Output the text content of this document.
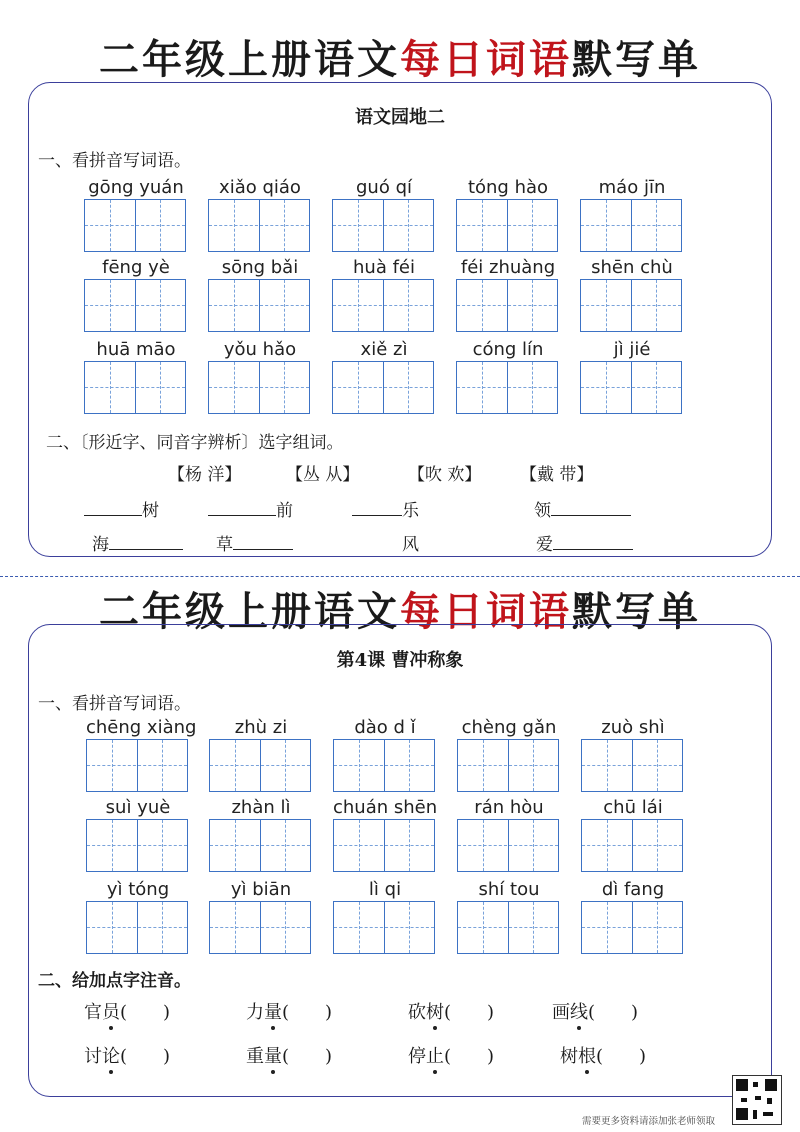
二年级上册语文每日词语默写单
语文园地二
一、看拼音写词语。
gōng yuán	xiǎo qiáo	guó qí	tóng hào	máo jīn
fēng yè	sōng bǎi	huà féi	féi zhuàng	shēn chù
huā māo	yǒu hǎo	xiě zì	cóng lín	jì jié
二、〔形近字、同音字辨析〕选字组词。
【杨 洋】	【丛 从】	【吹 欢】 【戴 带】
树	前	乐	领
海	草	风	爱
二年级上册语文每日词语默写单
第4课 曹冲称象
一、看拼音写词语。
chēng xiàng	zhù zi	dào d ǐ	chèng gǎn	zuò shì
suì yuè	zhàn lì	chuán shēn	rán hòu	chū lái
yì tóng	yì biān	lì qi	shí tou	dì fang
二、给加点字注音。
官员(　　)	力量(　　)	砍树(　　)	画线(　　)
讨论(　　)	重量(　　)	停止(　　)	树根(　　)
需要更多资料请添加张老师领取
